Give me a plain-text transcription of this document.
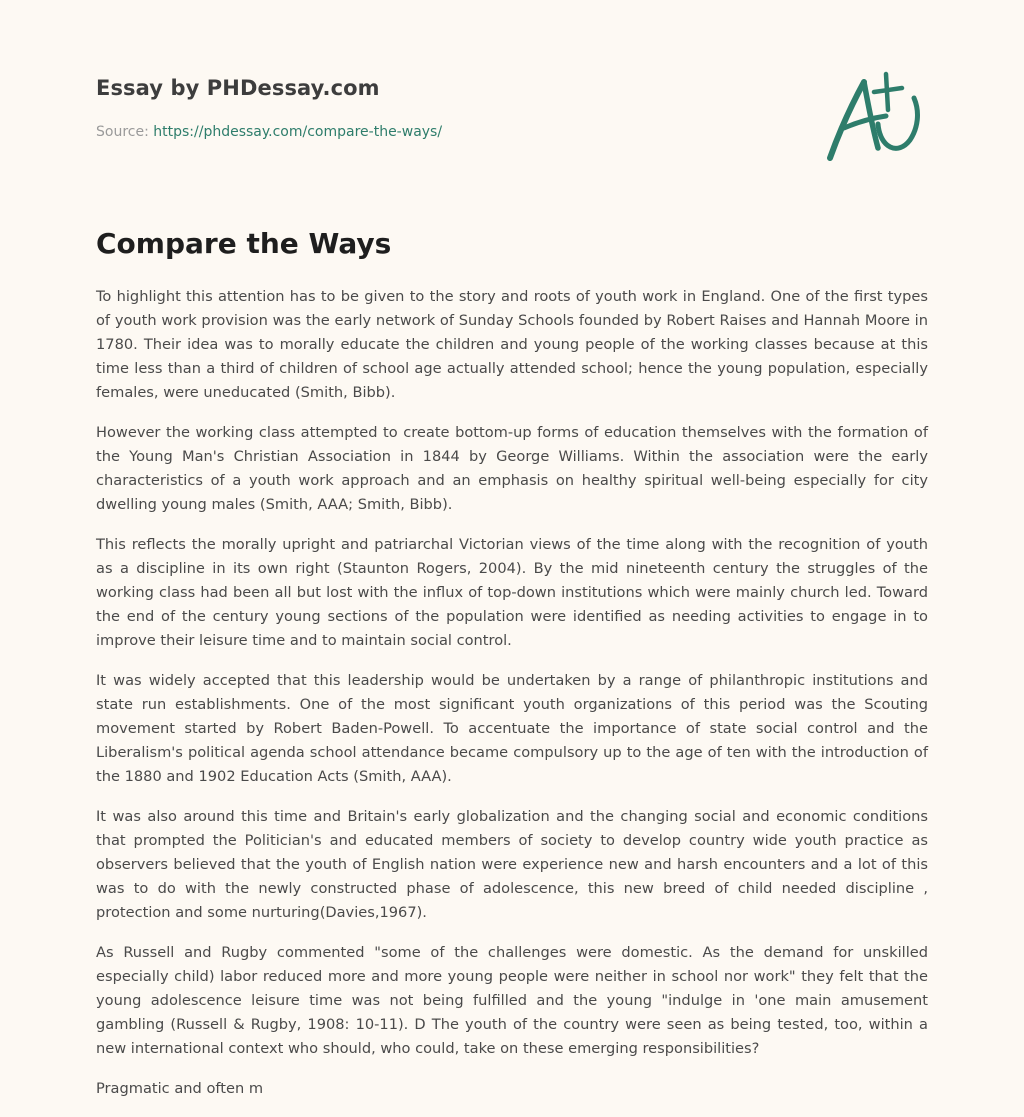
Essay by PHDessay.com
Source: https://phdessay.com/compare-the-ways/
Compare the Ways

To highlight this attention has to be given to the story and roots of youth work in England. One of the first types of youth work provision was the early network of Sunday Schools founded by Robert Raises and Hannah Moore in 1780. Their idea was to morally educate the children and young people of the working classes because at this time less than a third of children of school age actually attended school; hence the young population, especially females, were uneducated (Smith, Bibb).

However the working class attempted to create bottom-up forms of education themselves with the formation of the Young Man's Christian Association in 1844 by George Williams. Within the association were the early characteristics of a youth work approach and an emphasis on healthy spiritual well-being especially for city dwelling young males (Smith, AAA; Smith, Bibb).

This reflects the morally upright and patriarchal Victorian views of the time along with the recognition of youth as a discipline in its own right (Staunton Rogers, 2004). By the mid nineteenth century the struggles of the working class had been all but lost with the influx of top-down institutions which were mainly church led. Toward the end of the century young sections of the population were identified as needing activities to engage in to improve their leisure time and to maintain social control.

It was widely accepted that this leadership would be undertaken by a range of philanthropic institutions and state run establishments. One of the most significant youth organizations of this period was the Scouting movement started by Robert Baden-Powell. To accentuate the importance of state social control and the Liberalism's political agenda school attendance became compulsory up to the age of ten with the introduction of the 1880 and 1902 Education Acts (Smith, AAA).

It was also around this time and Britain's early globalization and the changing social and economic conditions that prompted the Politician's and educated members of society to develop country wide youth practice as observers believed that the youth of English nation were experience new and harsh encounters and a lot of this was to do with the newly constructed phase of adolescence, this new breed of child needed discipline , protection and some nurturing(Davies,1967).

As Russell and Rugby commented "some of the challenges were domestic. As the demand for unskilled especially child) labor reduced more and more young people were neither in school nor work" they felt that the young adolescence leisure time was not being fulfilled and the young "indulge in 'one main amusement gambling (Russell & Rugby, 1908: 10-11). D The youth of the country were seen as being tested, too, within a new international context who should, who could, take on these emerging responsibilities?

Pragmatic and often m
